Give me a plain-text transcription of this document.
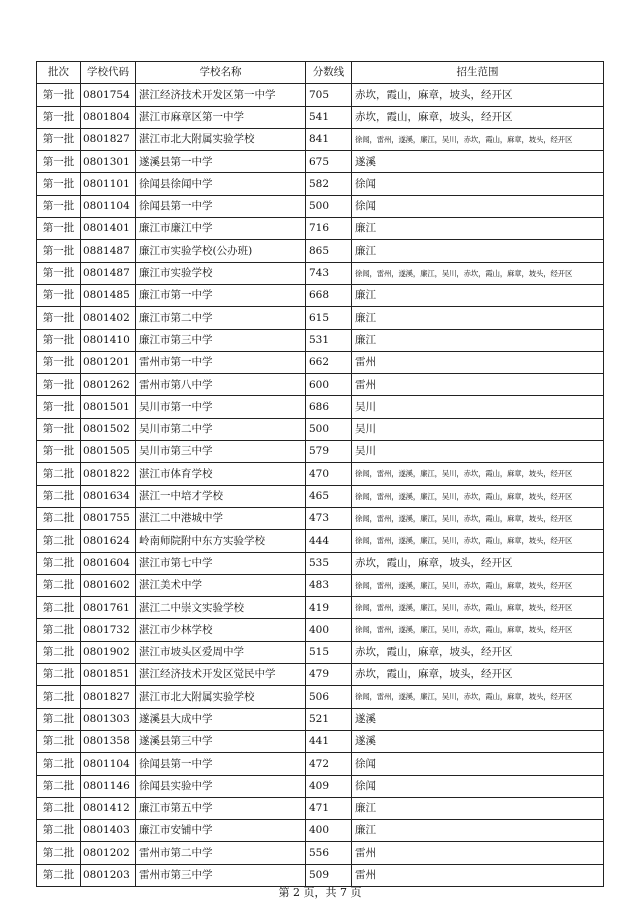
批次	学校代码	学校名称	分数线	招生范围
第一批	0801754	湛江经济技术开发区第一中学	705	赤坎，霞山，麻章，坡头，经开区
第一批	0801804	湛江市麻章区第一中学	541	赤坎，霞山，麻章，坡头，经开区
第一批	0801827	湛江市北大附属实验学校	841	徐闻，雷州，遂溪，廉江，吴川，赤坎，霞山，麻章，坡头，经开区
第一批	0801301	遂溪县第一中学	675	遂溪
第一批	0801101	徐闻县徐闻中学	582	徐闻
第一批	0801104	徐闻县第一中学	500	徐闻
第一批	0801401	廉江市廉江中学	716	廉江
第一批	0881487	廉江市实验学校(公办班)	865	廉江
第一批	0801487	廉江市实验学校	743	徐闻，雷州，遂溪，廉江，吴川，赤坎，霞山，麻章，坡头，经开区
第一批	0801485	廉江市第一中学	668	廉江
第一批	0801402	廉江市第二中学	615	廉江
第一批	0801410	廉江市第三中学	531	廉江
第一批	0801201	雷州市第一中学	662	雷州
第一批	0801262	雷州市第八中学	600	雷州
第一批	0801501	吴川市第一中学	686	吴川
第一批	0801502	吴川市第二中学	500	吴川
第一批	0801505	吴川市第三中学	579	吴川
第二批	0801822	湛江市体育学校	470	徐闻，雷州，遂溪，廉江，吴川，赤坎，霞山，麻章，坡头，经开区
第二批	0801634	湛江一中培才学校	465	徐闻，雷州，遂溪，廉江，吴川，赤坎，霞山，麻章，坡头，经开区
第二批	0801755	湛江二中港城中学	473	徐闻，雷州，遂溪，廉江，吴川，赤坎，霞山，麻章，坡头，经开区
第二批	0801624	岭南师院附中东方实验学校	444	徐闻，雷州，遂溪，廉江，吴川，赤坎，霞山，麻章，坡头，经开区
第二批	0801604	湛江市第七中学	535	赤坎，霞山，麻章，坡头，经开区
第二批	0801602	湛江美术中学	483	徐闻，雷州，遂溪，廉江，吴川，赤坎，霞山，麻章，坡头，经开区
第二批	0801761	湛江二中崇文实验学校	419	徐闻，雷州，遂溪，廉江，吴川，赤坎，霞山，麻章，坡头，经开区
第二批	0801732	湛江市少林学校	400	徐闻，雷州，遂溪，廉江，吴川，赤坎，霞山，麻章，坡头，经开区
第二批	0801902	湛江市坡头区爱周中学	515	赤坎，霞山，麻章，坡头，经开区
第二批	0801851	湛江经济技术开发区觉民中学	479	赤坎，霞山，麻章，坡头，经开区
第二批	0801827	湛江市北大附属实验学校	506	徐闻，雷州，遂溪，廉江，吴川，赤坎，霞山，麻章，坡头，经开区
第二批	0801303	遂溪县大成中学	521	遂溪
第二批	0801358	遂溪县第三中学	441	遂溪
第二批	0801104	徐闻县第一中学	472	徐闻
第二批	0801146	徐闻县实验中学	409	徐闻
第二批	0801412	廉江市第五中学	471	廉江
第二批	0801403	廉江市安铺中学	400	廉江
第二批	0801202	雷州市第二中学	556	雷州
第二批	0801203	雷州市第三中学	509	雷州
第 2 页，共 7 页
